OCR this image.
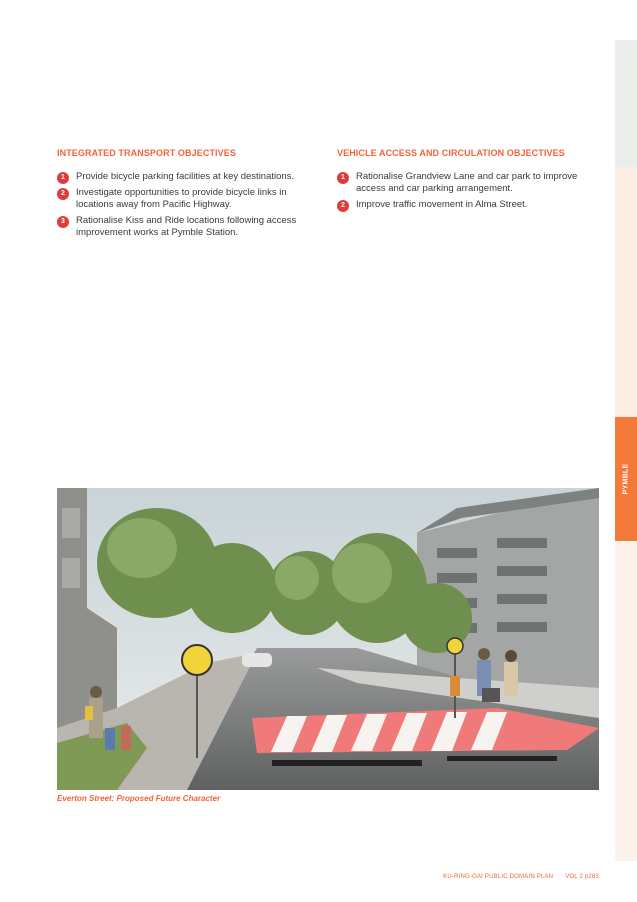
PYMBLE
INTEGRATED TRANSPORT OBJECTIVES
1	Provide bicycle parking facilities at key destinations.
2	Investigate opportunities to provide bicycle links in locations away from Pacific Highway.
3	Rationalise Kiss and Ride locations following access improvement works at Pymble Station.
VEHICLE ACCESS AND CIRCULATION OBJECTIVES
1	Rationalise Grandview Lane and car park to improve access and car parking arrangement.
2	Improve traffic movement in Alma Street.
Everton Street: Proposed Future Character
KU-RING-GAI PUBLIC DOMAIN PLAN VOL 2 p283
